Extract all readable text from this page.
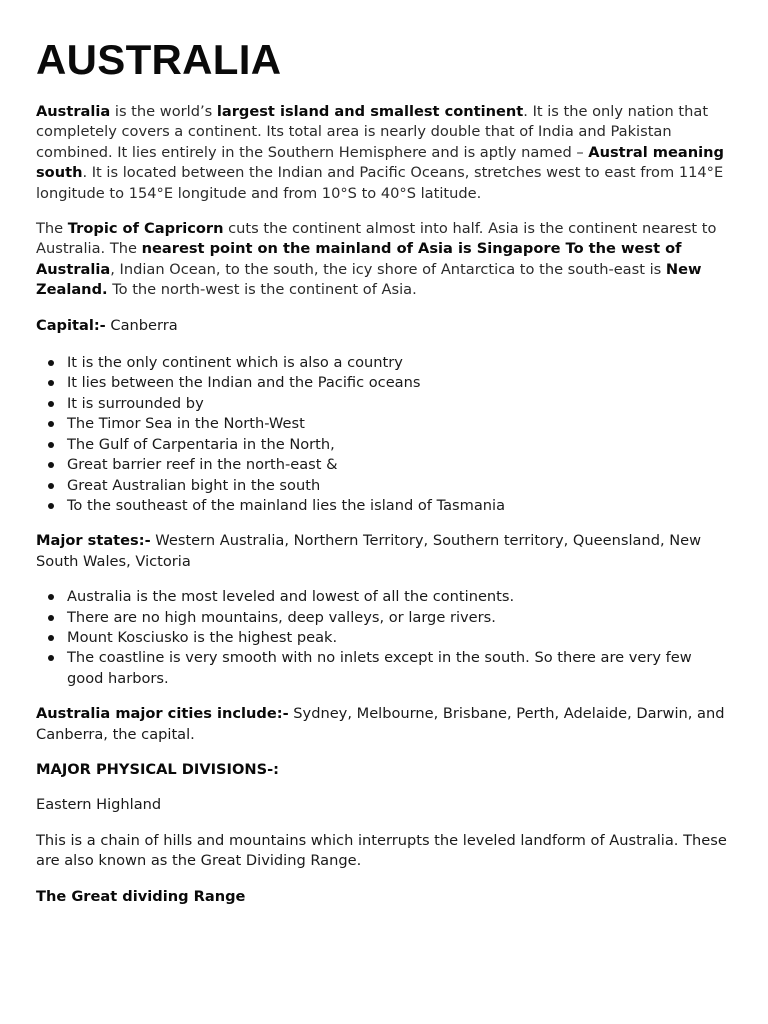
AUSTRALIA

Australia is the world’s largest island and smallest continent. It is the only nation that completely covers a continent. Its total area is nearly double that of India and Pakistan combined. It lies entirely in the Southern Hemisphere and is aptly named – Austral meaning south. It is located between the Indian and Pacific Oceans, stretches west to east from 114°E longitude to 154°E longitude and from 10°S to 40°S latitude.

The Tropic of Capricorn cuts the continent almost into half. Asia is the continent nearest to Australia. The nearest point on the mainland of Asia is Singapore To the west of Australia, Indian Ocean, to the south, the icy shore of Antarctica to the south-east is New Zealand. To the north-west is the continent of Asia.

Capital:- Canberra

It is the only continent which is also a country
It lies between the Indian and the Pacific oceans
It is surrounded by
The Timor Sea in the North-West
The Gulf of Carpentaria in the North,
Great barrier reef in the north-east &
Great Australian bight in the south
To the southeast of the mainland lies the island of Tasmania

Major states:- Western Australia, Northern Territory, Southern territory, Queensland, New South Wales, Victoria

Australia is the most leveled and lowest of all the continents.
There are no high mountains, deep valleys, or large rivers.
Mount Kosciusko is the highest peak.
The coastline is very smooth with no inlets except in the south. So there are very few good harbors.

Australia major cities include:- Sydney, Melbourne, Brisbane, Perth, Adelaide, Darwin, and Canberra, the capital.

MAJOR PHYSICAL DIVISIONS-:

Eastern Highland

This is a chain of hills and mountains which interrupts the leveled landform of Australia. These are also known as the Great Dividing Range.

The Great dividing Range
